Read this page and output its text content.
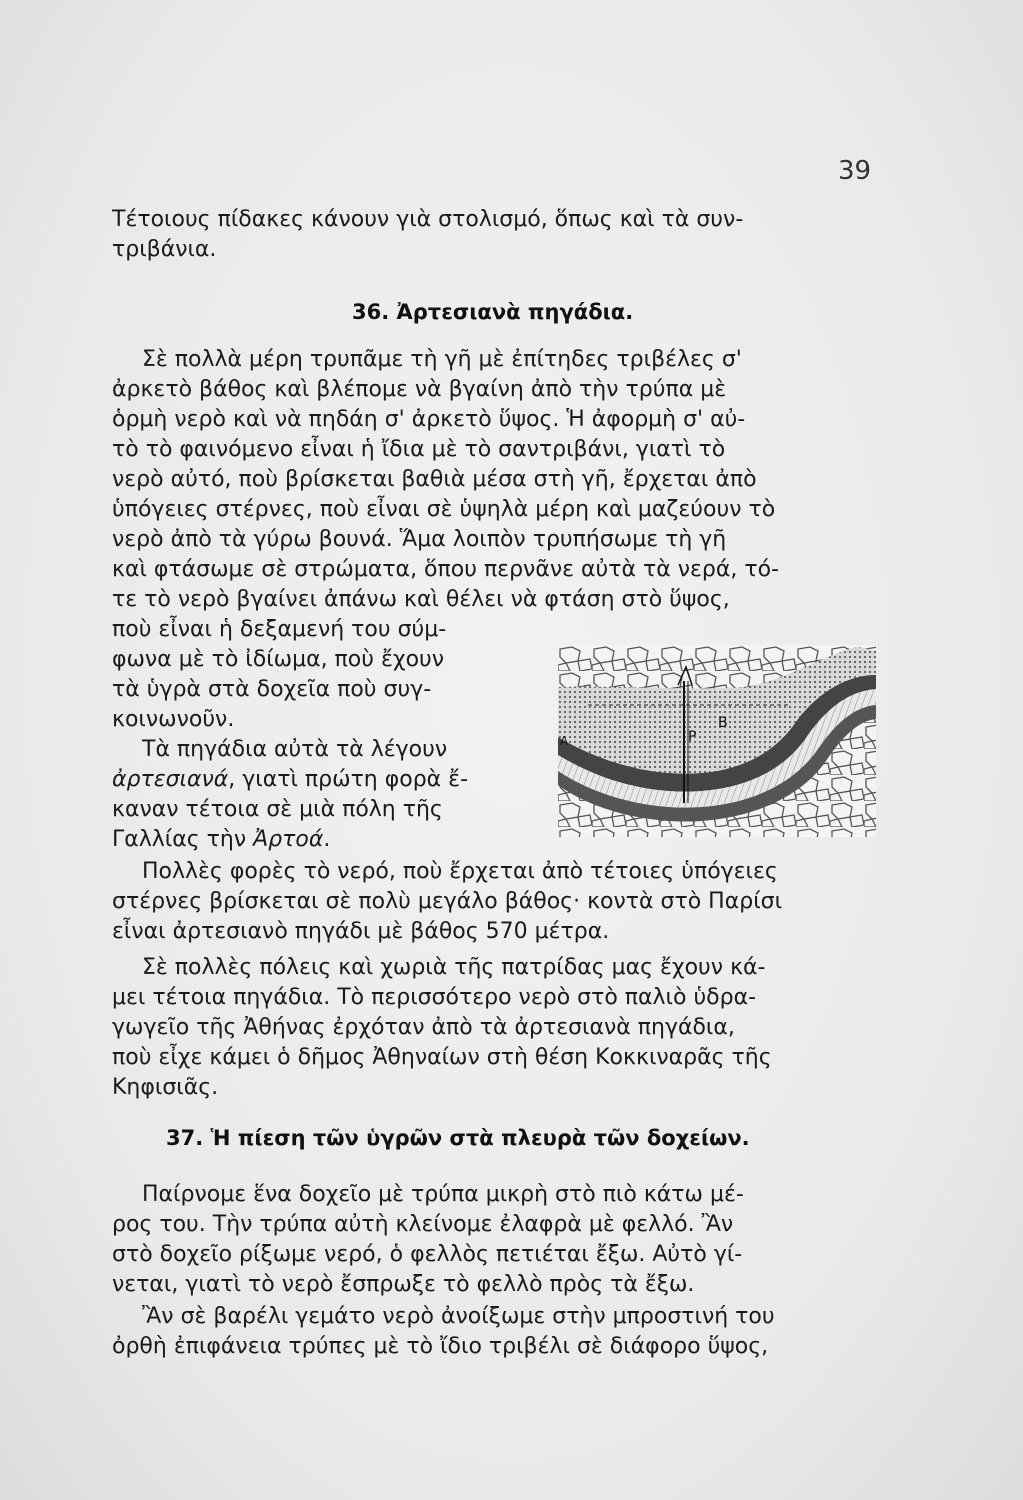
39
Τέτοιους πίδακες κάνουν γιὰ στολισμό, ὅπως καὶ τὰ συν-
τριβάνια.
36. Ἀρτεσιανὰ πηγάδια.
Σὲ πολλὰ μέρη τρυπᾶμε τὴ γῆ μὲ ἐπίτηδες τριβέλες σ'
ἀρκετὸ βάθος καὶ βλέπομε νὰ βγαίνη ἀπὸ τὴν τρύπα μὲ
ὁρμὴ νερὸ καὶ νὰ πηδάη σ' ἀρκετὸ ὕψος. Ἡ ἀφορμὴ σ' αὐ-
τὸ τὸ φαινόμενο εἶναι ἡ ἴδια μὲ τὸ σαντριβάνι, γιατὶ τὸ
νερὸ αὐτό, ποὺ βρίσκεται βαθιὰ μέσα στὴ γῆ, ἔρχεται ἀπὸ
ὑπόγειες στέρνες, ποὺ εἶναι σὲ ὑψηλὰ μέρη καὶ μαζεύουν τὸ
νερὸ ἀπὸ τὰ γύρω βουνά. Ἅμα λοιπὸν τρυπήσωμε τὴ γῆ
καὶ φτάσωμε σὲ στρώματα, ὅπου περνᾶνε αὐτὰ τὰ νερά, τό-
τε τὸ νερὸ βγαίνει ἀπάνω καὶ θέλει νὰ φτάση στὸ ὕψος,
ποὺ εἶναι ἡ δεξαμενή του σύμ-
φωνα μὲ τὸ ἰδίωμα, ποὺ ἔχουν
τὰ ὑγρὰ στὰ δοχεῖα ποὺ συγ-
κοινωνοῦν.
Τὰ πηγάδια αὐτὰ τὰ λέγουν
ἀρτεσιανά, γιατὶ πρώτη φορὰ ἔ-
καναν τέτοια σὲ μιὰ πόλη τῆς
Γαλλίας τὴν Ἀρτοά.
Πολλὲς φορὲς τὸ νερό, ποὺ ἔρχεται ἀπὸ τέτοιες ὑπόγειες
στέρνες βρίσκεται σὲ πολὺ μεγάλο βάθος· κοντὰ στὸ Παρίσι
εἶναι ἀρτεσιανὸ πηγάδι μὲ βάθος 570 μέτρα.
Σὲ πολλὲς πόλεις καὶ χωριὰ τῆς πατρίδας μας ἔχουν κά-
μει τέτοια πηγάδια. Τὸ περισσότερο νερὸ στὸ παλιὸ ὑδρα-
γωγεῖο τῆς Ἀθήνας ἐρχόταν ἀπὸ τὰ ἀρτεσιανὰ πηγάδια,
ποὺ εἶχε κάμει ὁ δῆμος Ἀθηναίων στὴ θέση Κοκκιναρᾶς τῆς
Κηφισιᾶς.
37. Ἡ πίεση τῶν ὑγρῶν στὰ πλευρὰ τῶν δοχείων.
Παίρνομε ἕνα δοχεῖο μὲ τρύπα μικρὴ στὸ πιὸ κάτω μέ-
ρος του. Τὴν τρύπα αὐτὴ κλείνομε ἐλαφρὰ μὲ φελλό. Ἂν
στὸ δοχεῖο ρίξωμε νερό, ὁ φελλὸς πετιέται ἔξω. Αὐτὸ γί-
νεται, γιατὶ τὸ νερὸ ἔσπρωξε τὸ φελλὸ πρὸς τὰ ἔξω.
Ἂν σὲ βαρέλι γεμάτο νερὸ ἀνοίξωμε στὴν μπροστινή του
ὀρθὴ ἐπιφάνεια τρύπες μὲ τὸ ἴδιο τριβέλι σὲ διάφορο ὕψος,
B
P
A
